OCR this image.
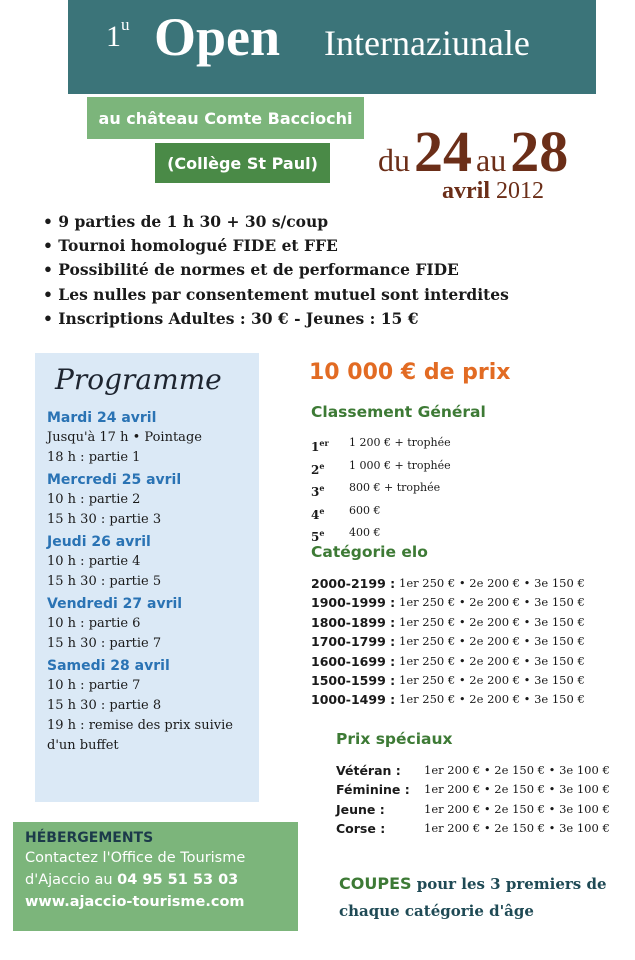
1$^u$ Open Internaziunale
au château Comte Bacciochi
(Collège St Paul)	du 24 au 28
avril 2012
• 9 parties de 1 h 30 + 30 s/coup
• Tournoi homologué FIDE et FFE
• Possibilité de normes et de performance FIDE
• Les nulles par consentement mutuel sont interdites
• Inscriptions Adultes : 30 € - Jeunes : 15 €
Programme
Mardi 24 avril
Jusqu'à 17 h • Pointage
18 h : partie 1
Mercredi 25 avril
10 h : partie 2
15 h 30 : partie 3
Jeudi 26 avril
10 h : partie 4
15 h 30 : partie 5
Vendredi 27 avril
10 h : partie 6
15 h 30 : partie 7
Samedi 28 avril
10 h : partie 7
15 h 30 : partie 8
19 h : remise des prix suivie
d'un buffet
10 000 € de prix
Classement Général
1er	1 200 € + trophée
2e	1 000 € + trophée
3e	800 € + trophée
4e	600 €
5e	400 €
Catégorie elo
2000-2199 : 1er 250 € • 2e 200 € • 3e 150 €
1900-1999 : 1er 250 € • 2e 200 € • 3e 150 €
1800-1899 : 1er 250 € • 2e 200 € • 3e 150 €
1700-1799 : 1er 250 € • 2e 200 € • 3e 150 €
1600-1699 : 1er 250 € • 2e 200 € • 3e 150 €
1500-1599 : 1er 250 € • 2e 200 € • 3e 150 €
1000-1499 : 1er 250 € • 2e 200 € • 3e 150 €
Prix spéciaux
Vétéran :	1er 200 € • 2e 150 € • 3e 100 €
Féminine :	1er 200 € • 2e 150 € • 3e 100 €
Jeune :	1er 200 € • 2e 150 € • 3e 100 €
Corse :	1er 200 € • 2e 150 € • 3e 100 €
COUPES pour les 3 premiers de chaque catégorie d'âge
HÉBERGEMENTS
Contactez l'Office de Tourisme
d'Ajaccio au 04 95 51 53 03
www.ajaccio-tourisme.com
